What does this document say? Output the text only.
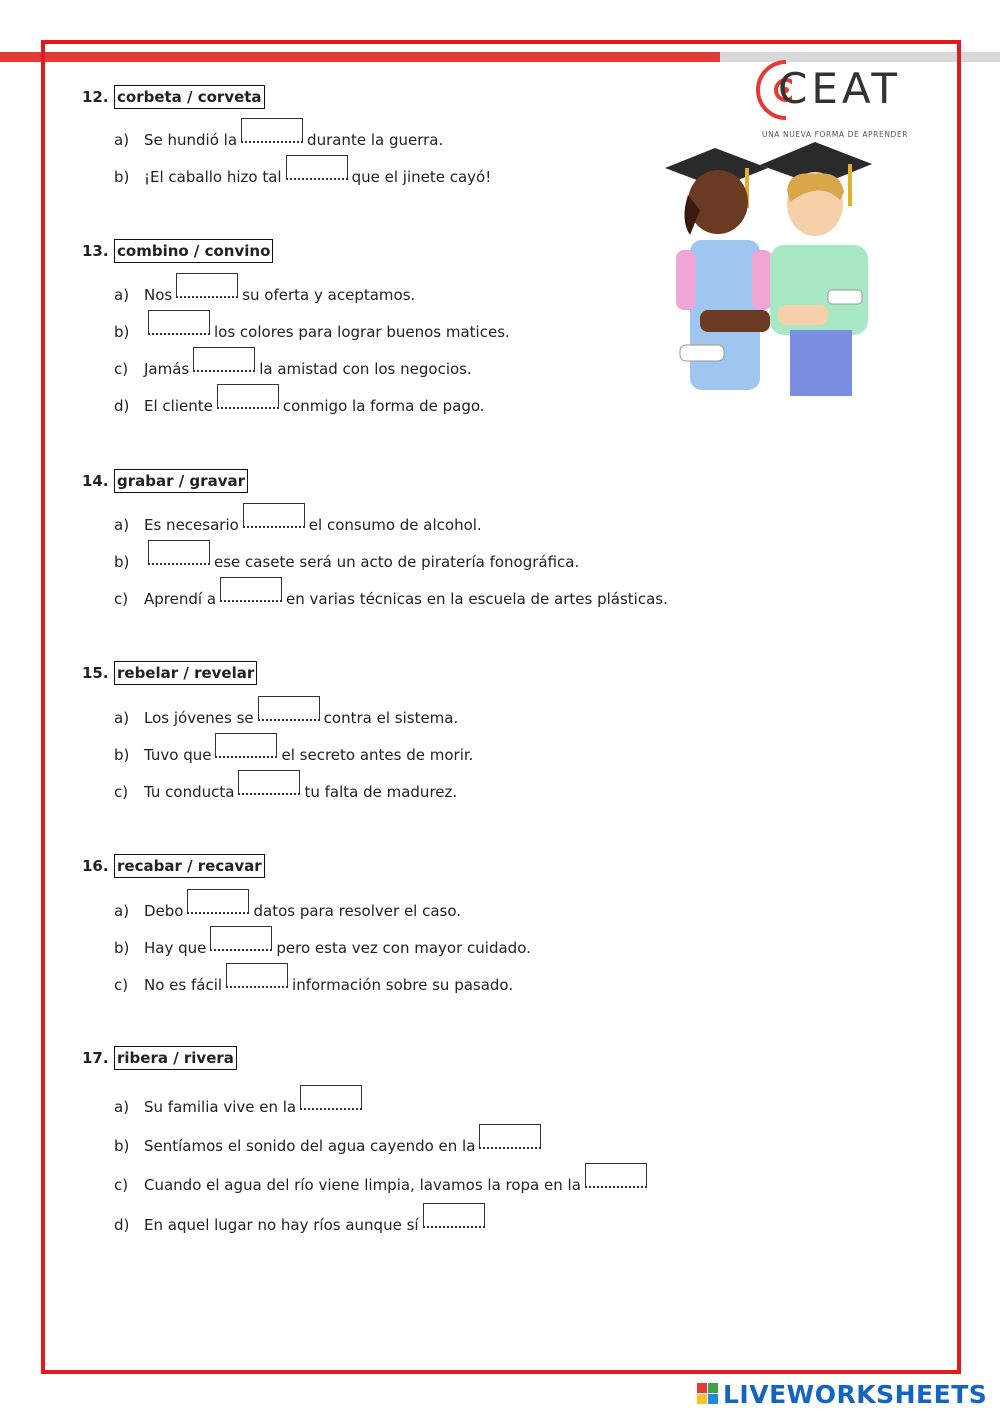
CEAT
UNA NUEVA FORMA DE APRENDER
12. corbeta / corveta
a) Se hundió la	durante la guerra.
b) ¡El caballo hizo tal	que el jinete cayó!
13. combino / convino
a) Nos	su oferta y aceptamos.
b)	los colores para lograr buenos matices.
c)	Jamás	la amistad con los negocios.
d) El cliente	conmigo la forma de pago.
14. grabar / gravar
a) Es necesario	el consumo de alcohol.
b)	ese casete será un acto de piratería fonográfica.
c)	Aprendí a	en varias técnicas en la escuela de artes plásticas.
15. rebelar / revelar
a) Los jóvenes se	contra el sistema.
b) Tuvo que	el secreto antes de morir.
c)	Tu conducta	tu falta de madurez.
16. recabar / recavar
a) Debo	datos para resolver el caso.
b) Hay que	pero esta vez con mayor cuidado.
c)	No es fácil	información sobre su pasado.
17. ribera / rivera
a) Su familia vive en la
b) Sentíamos el sonido del agua cayendo en la
c)	Cuando el agua del río viene limpia, lavamos la ropa en la
d) En aquel lugar no hay ríos aunque sí
LIVEWORKSHEETS
